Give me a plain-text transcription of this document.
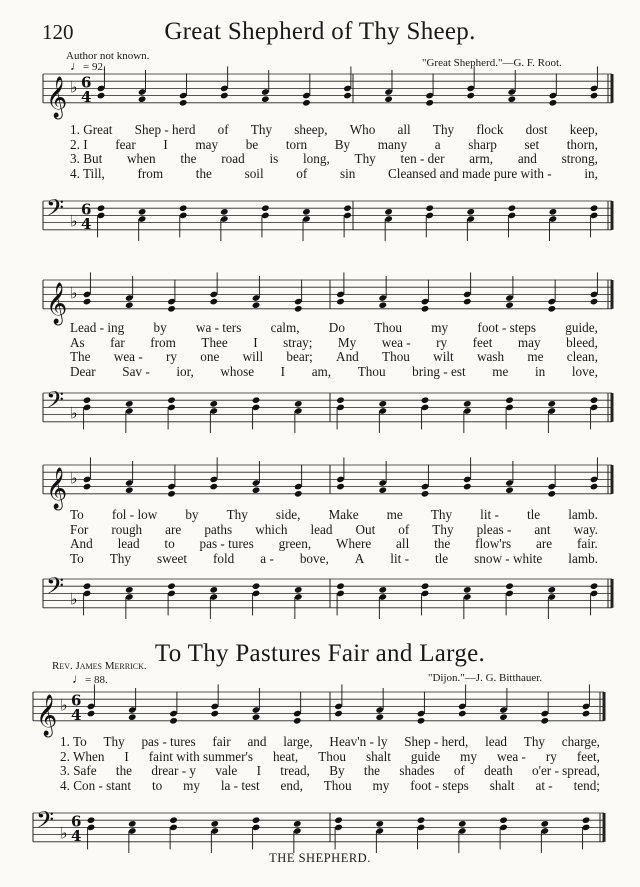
120	Great Shepherd of Thy Sheep.
Author not known.
"Great Shepherd."—G. F. Root.
♩= 92.
𝄞 ♭ 6
4
1. Great Shep - herd of Thy sheep, Who all Thy flock dost keep,
2. I fear I may be torn By many a sharp set thorn,
3. But when the road is long, Thy ten - der arm, and strong,
4. Till, from the soil of sin Cleansed and made pure with - in,
𝄢 ♭
6
4
𝄞 ♭
Lead - ing by wa - ters calm, Do Thou my foot - steps guide,
As far from Thee I stray; My wea - ry feet may bleed,
The wea - ry one will bear; And Thou wilt wash me clean,
Dear Sav - ior, whose I am, Thou bring - est me in love,
𝄢 ♭
𝄞 ♭
To fol - low by Thy side, Make me Thy lit - tle lamb.
For rough are paths which lead Out of Thy pleas - ant way.
And lead to pas - tures green, Where all the flow'rs are fair.
To Thy sweet fold a - bove, A lit - tle snow - white lamb.
𝄢 ♭
To Thy Pastures Fair and Large.
Rev. James Merrick.
"Dijon."—J. G. Bitthauer.
♩= 88.
𝄞 ♭ 6
4
1. To Thy pas - tures fair and large, Heav'n - ly Shep - herd, lead Thy charge,
2. When I faint with summer's heat, Thou shalt guide my wea - ry feet,
3. Safe the drear - y vale I tread, By the shades of death o'er - spread,
4. Con - stant to my la - test end, Thou my foot - steps shalt at - tend;
𝄢 ♭
6
4
THE SHEPHERD.
